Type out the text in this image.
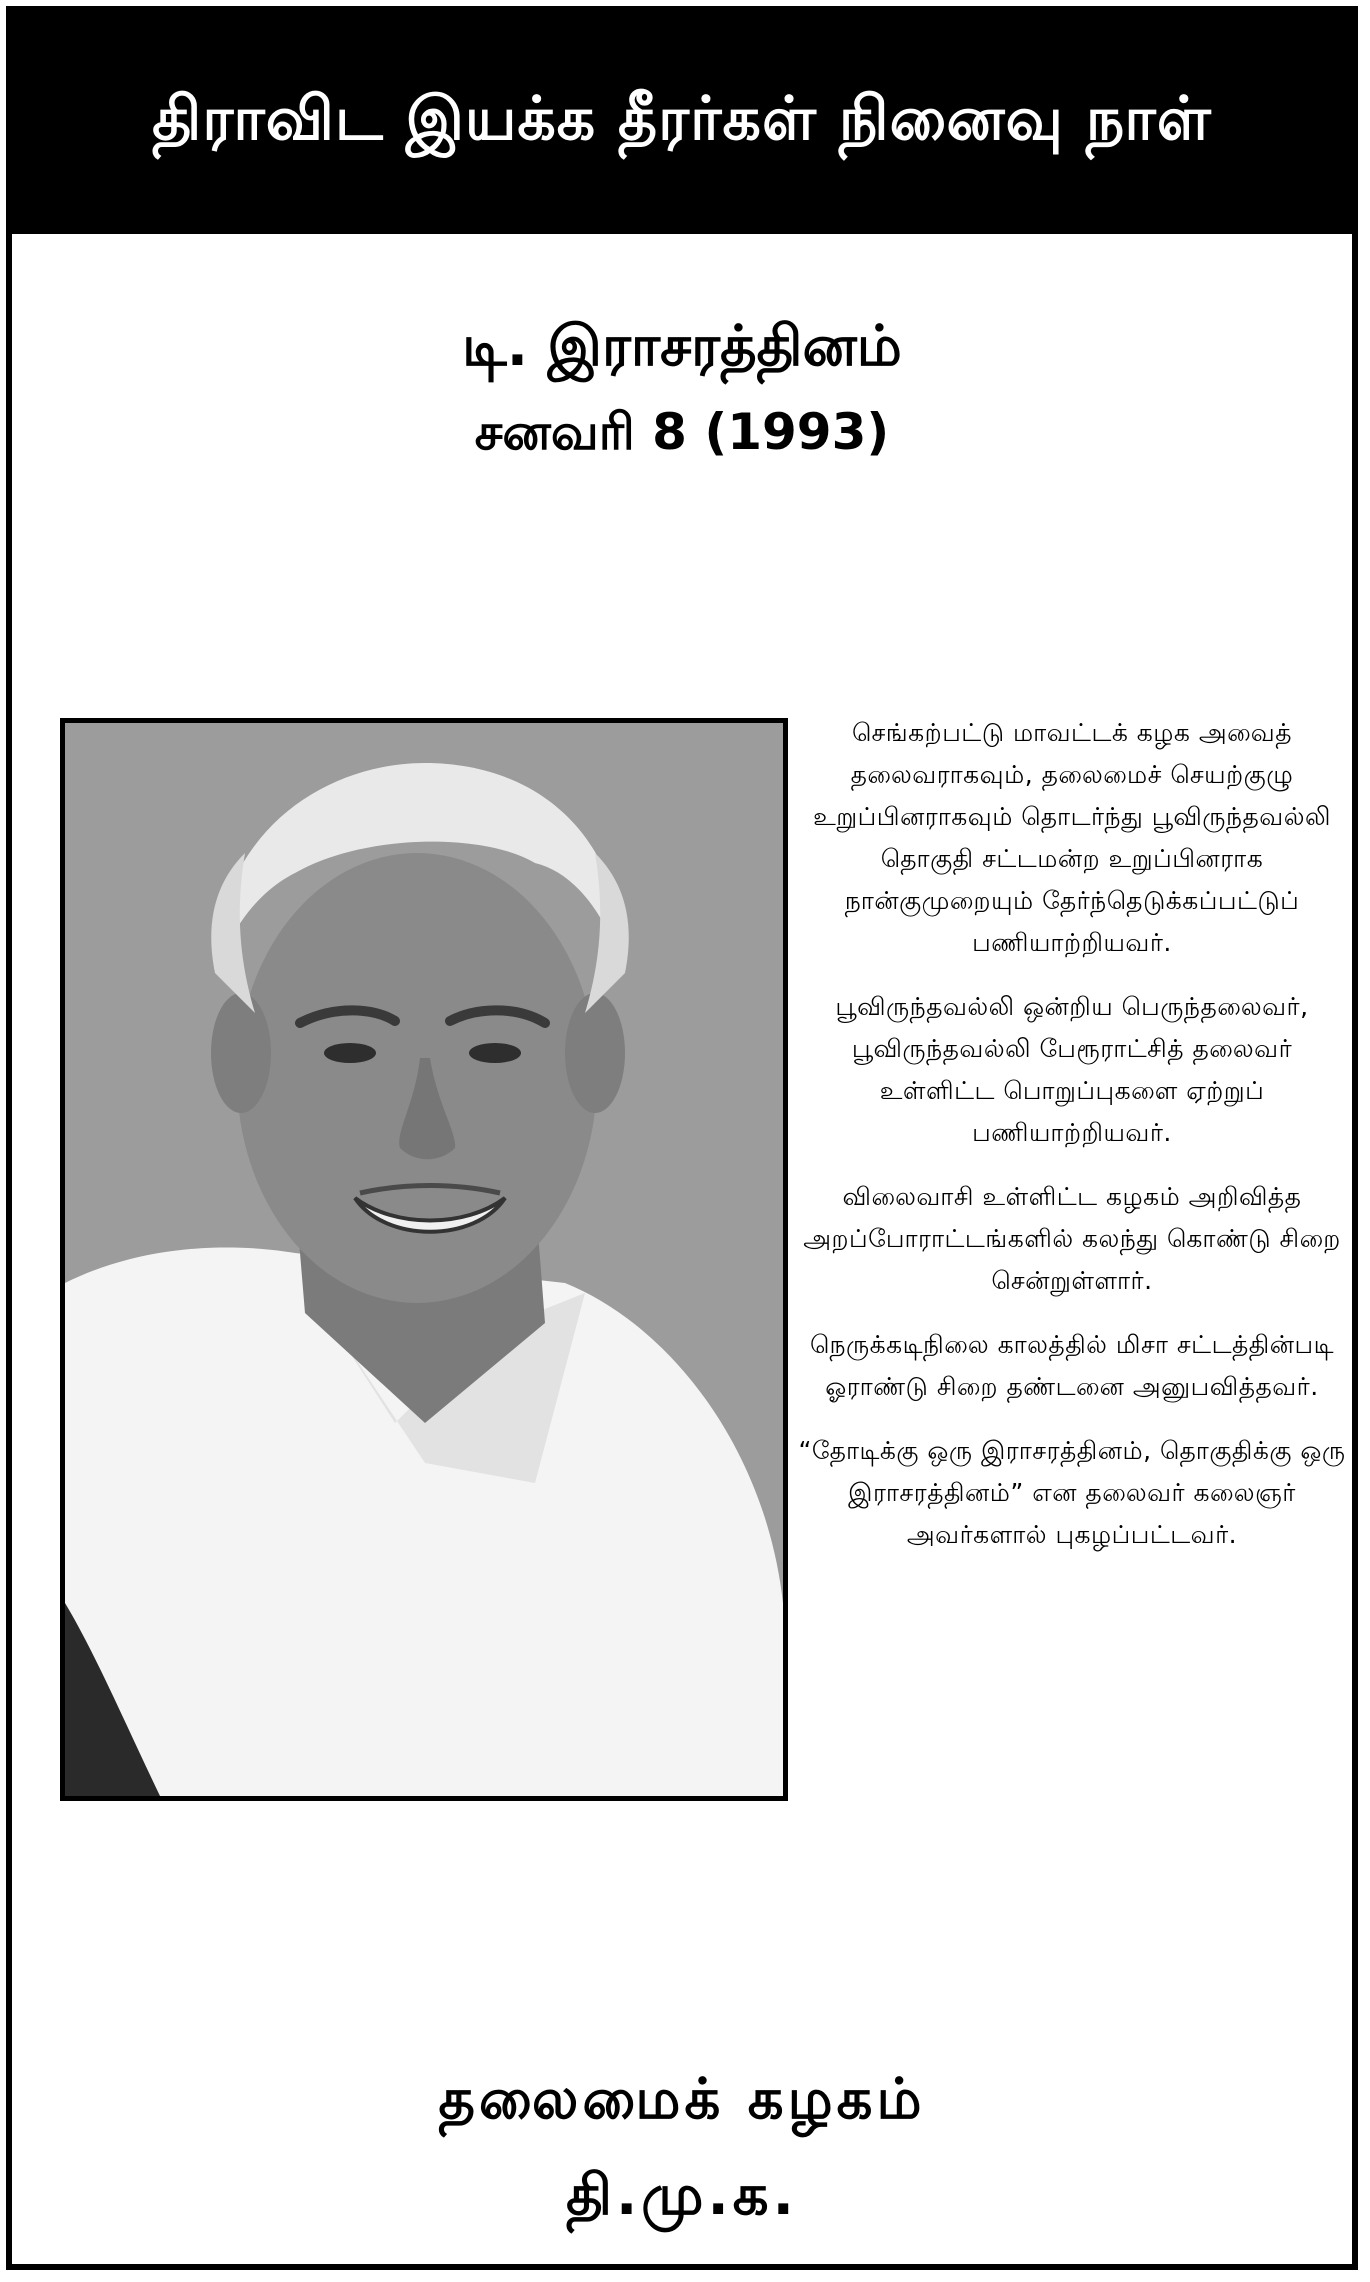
திராவிட இயக்க தீரர்கள் நினைவு நாள்
டி. இராசரத்தினம்
சனவரி 8 (1993)

செங்கற்பட்டு மாவட்டக் கழக அவைத் தலைவராகவும், தலைமைச் செயற்குழு உறுப்பினராகவும் தொடர்ந்து பூவிருந்தவல்லி தொகுதி சட்டமன்ற உறுப்பினராக நான்குமுறையும் தேர்ந்தெடுக்கப்பட்டுப் பணியாற்றியவர்.

பூவிருந்தவல்லி ஒன்றிய பெருந்தலைவர், பூவிருந்தவல்லி பேரூராட்சித் தலைவர் உள்ளிட்ட பொறுப்புகளை ஏற்றுப் பணியாற்றியவர்.

விலைவாசி உள்ளிட்ட கழகம் அறிவித்த அறப்போராட்டங்களில் கலந்து கொண்டு சிறை சென்றுள்ளார்.

நெருக்கடிநிலை காலத்தில் மிசா சட்டத்தின்படி ஓராண்டு சிறை தண்டனை அனுபவித்தவர்.

“தோடிக்கு ஒரு இராசரத்தினம், தொகுதிக்கு ஒரு இராசரத்தினம்” என தலைவர் கலைஞர் அவர்களால் புகழப்பட்டவர்.

தலைமைக் கழகம்
தி.மு.க.
